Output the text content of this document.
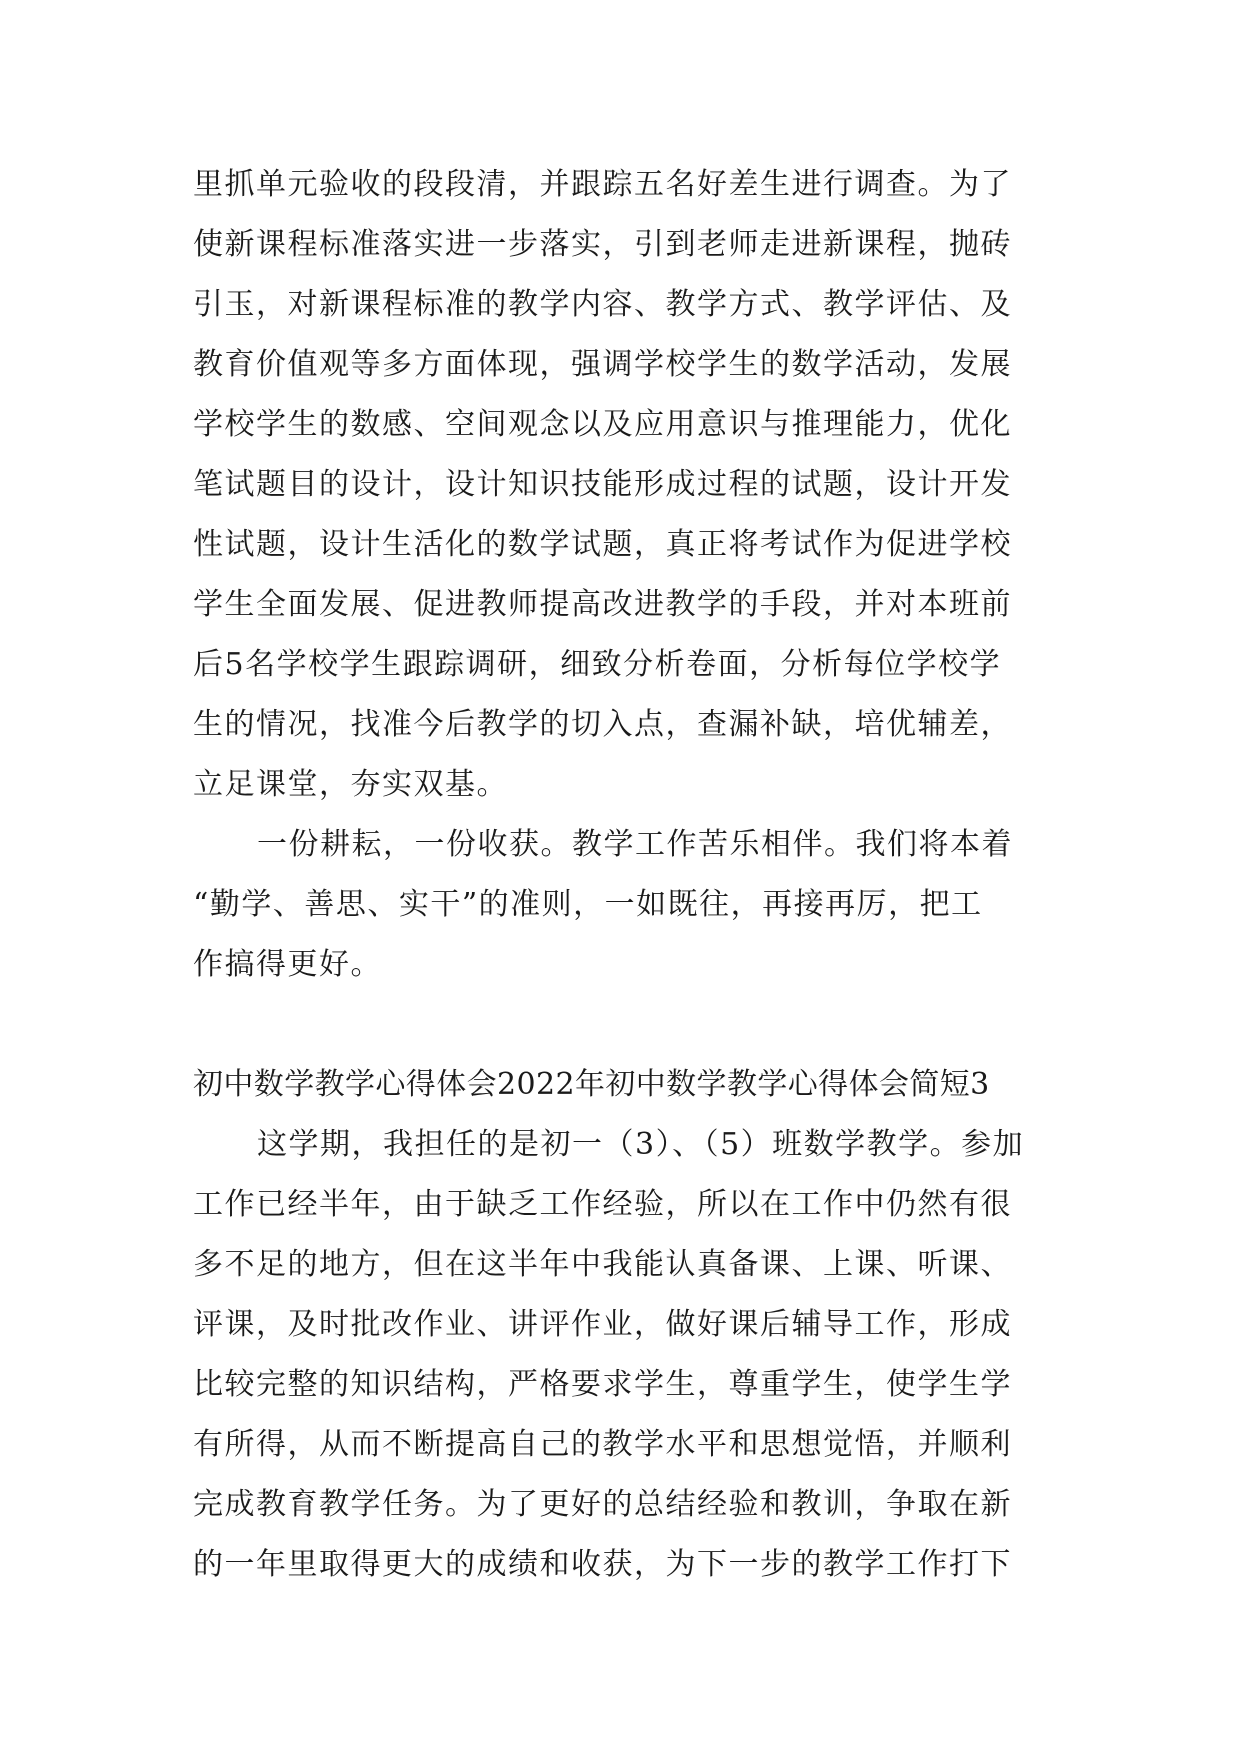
里抓单元验收的段段清，并跟踪五名好差生进行调查。为了
使新课程标准落实进一步落实，引到老师走进新课程，抛砖
引玉，对新课程标准的教学内容、教学方式、教学评估、及
教育价值观等多方面体现，强调学校学生的数学活动，发展
学校学生的数感、空间观念以及应用意识与推理能力，优化
笔试题目的设计，设计知识技能形成过程的试题，设计开发
性试题，设计生活化的数学试题，真正将考试作为促进学校
学生全面发展、促进教师提高改进教学的手段，并对本班前
后5名学校学生跟踪调研，细致分析卷面，分析每位学校学
生的情况，找准今后教学的切入点，查漏补缺，培优辅差，
立足课堂，夯实双基。
一份耕耘，一份收获。教学工作苦乐相伴。我们将本着
“勤学、善思、实干”的准则，一如既往，再接再厉，把工
作搞得更好。
初中数学教学心得体会2022年初中数学教学心得体会简短3
这学期，我担任的是初一（3）、（5）班数学教学。参加
工作已经半年，由于缺乏工作经验，所以在工作中仍然有很
多不足的地方，但在这半年中我能认真备课、上课、听课、
评课，及时批改作业、讲评作业，做好课后辅导工作，形成
比较完整的知识结构，严格要求学生，尊重学生，使学生学
有所得，从而不断提高自己的教学水平和思想觉悟，并顺利
完成教育教学任务。为了更好的总结经验和教训，争取在新
的一年里取得更大的成绩和收获，为下一步的教学工作打下
